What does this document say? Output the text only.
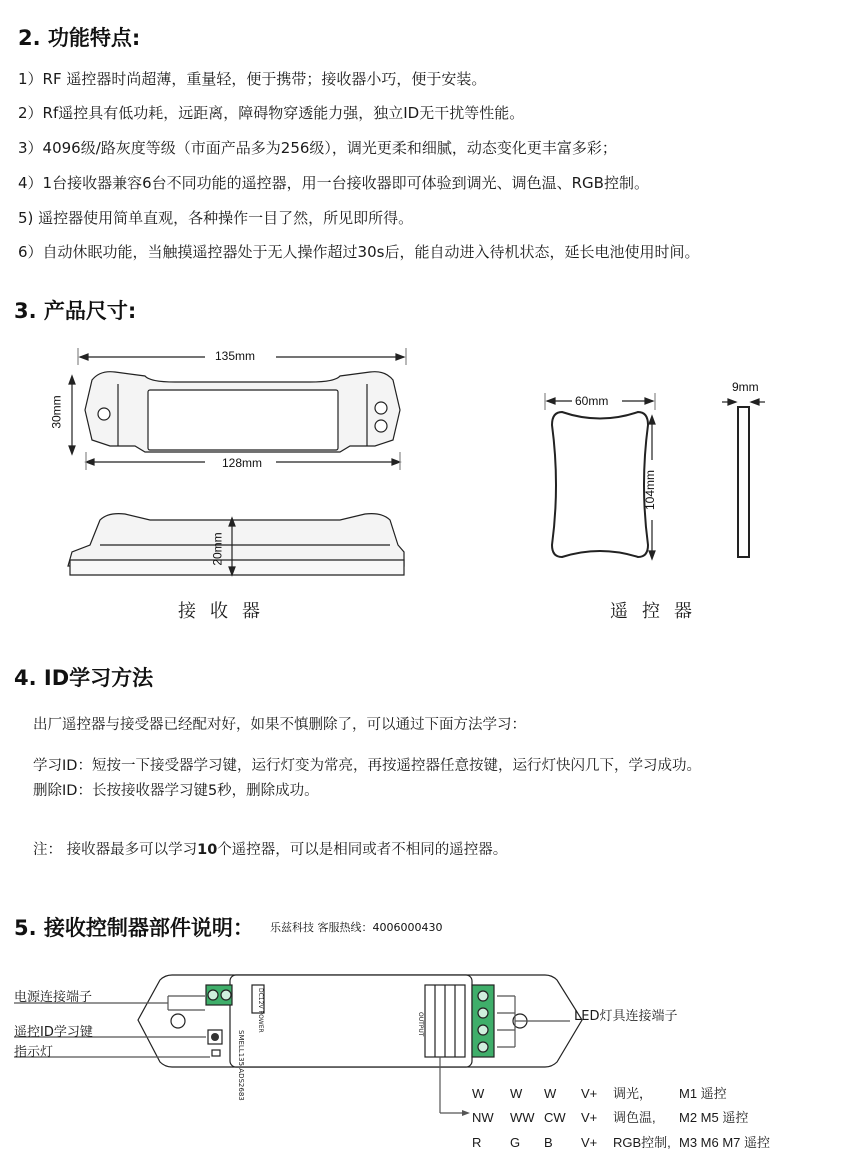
2. 功能特点:
1）RF 遥控器时尚超薄，重量轻，便于携带；接收器小巧，便于安装。
2）Rf遥控具有低功耗，远距离，障碍物穿透能力强，独立ID无干扰等性能。
3）4096级/路灰度等级（市面产品多为256级），调光更柔和细腻，动态变化更丰富多彩；
4）1台接收器兼容6台不同功能的遥控器，用一台接收器即可体验到调光、调色温、RGB控制。
5) 遥控器使用简单直观，各种操作一目了然，所见即所得。
6）自动休眠功能，当触摸遥控器处于无人操作超过30s后，能自动进入待机状态，延长电池使用时间。
3. 产品尺寸:
135mm
128mm
30mm
20mm
接收器
60mm
104mm
9mm
遥控器
4. ID学习方法
出厂遥控器与接受器已经配对好，如果不慎删除了，可以通过下面方法学习：
学习ID：短按一下接受器学习键，运行灯变为常亮，再按遥控器任意按键，运行灯快闪几下，学习成功。
删除ID：长按接收器学习键5秒，删除成功。
注： 接收器最多可以学习10个遥控器，可以是相同或者不相同的遥控器。
5. 接收控制器部件说明： 乐兹科技 客服热线：4006000430
电源连接端子
遥控ID学习键
指示灯
LED灯具连接端子
SMELL135 ADS2683
DC12V POWER	OUTPUT
W W W V+ 调光， M1 遥控
NW WW CW V+ 调色温, M2 M5 遥控
R G B V+ RGB控制, M3 M6 M7 遥控
